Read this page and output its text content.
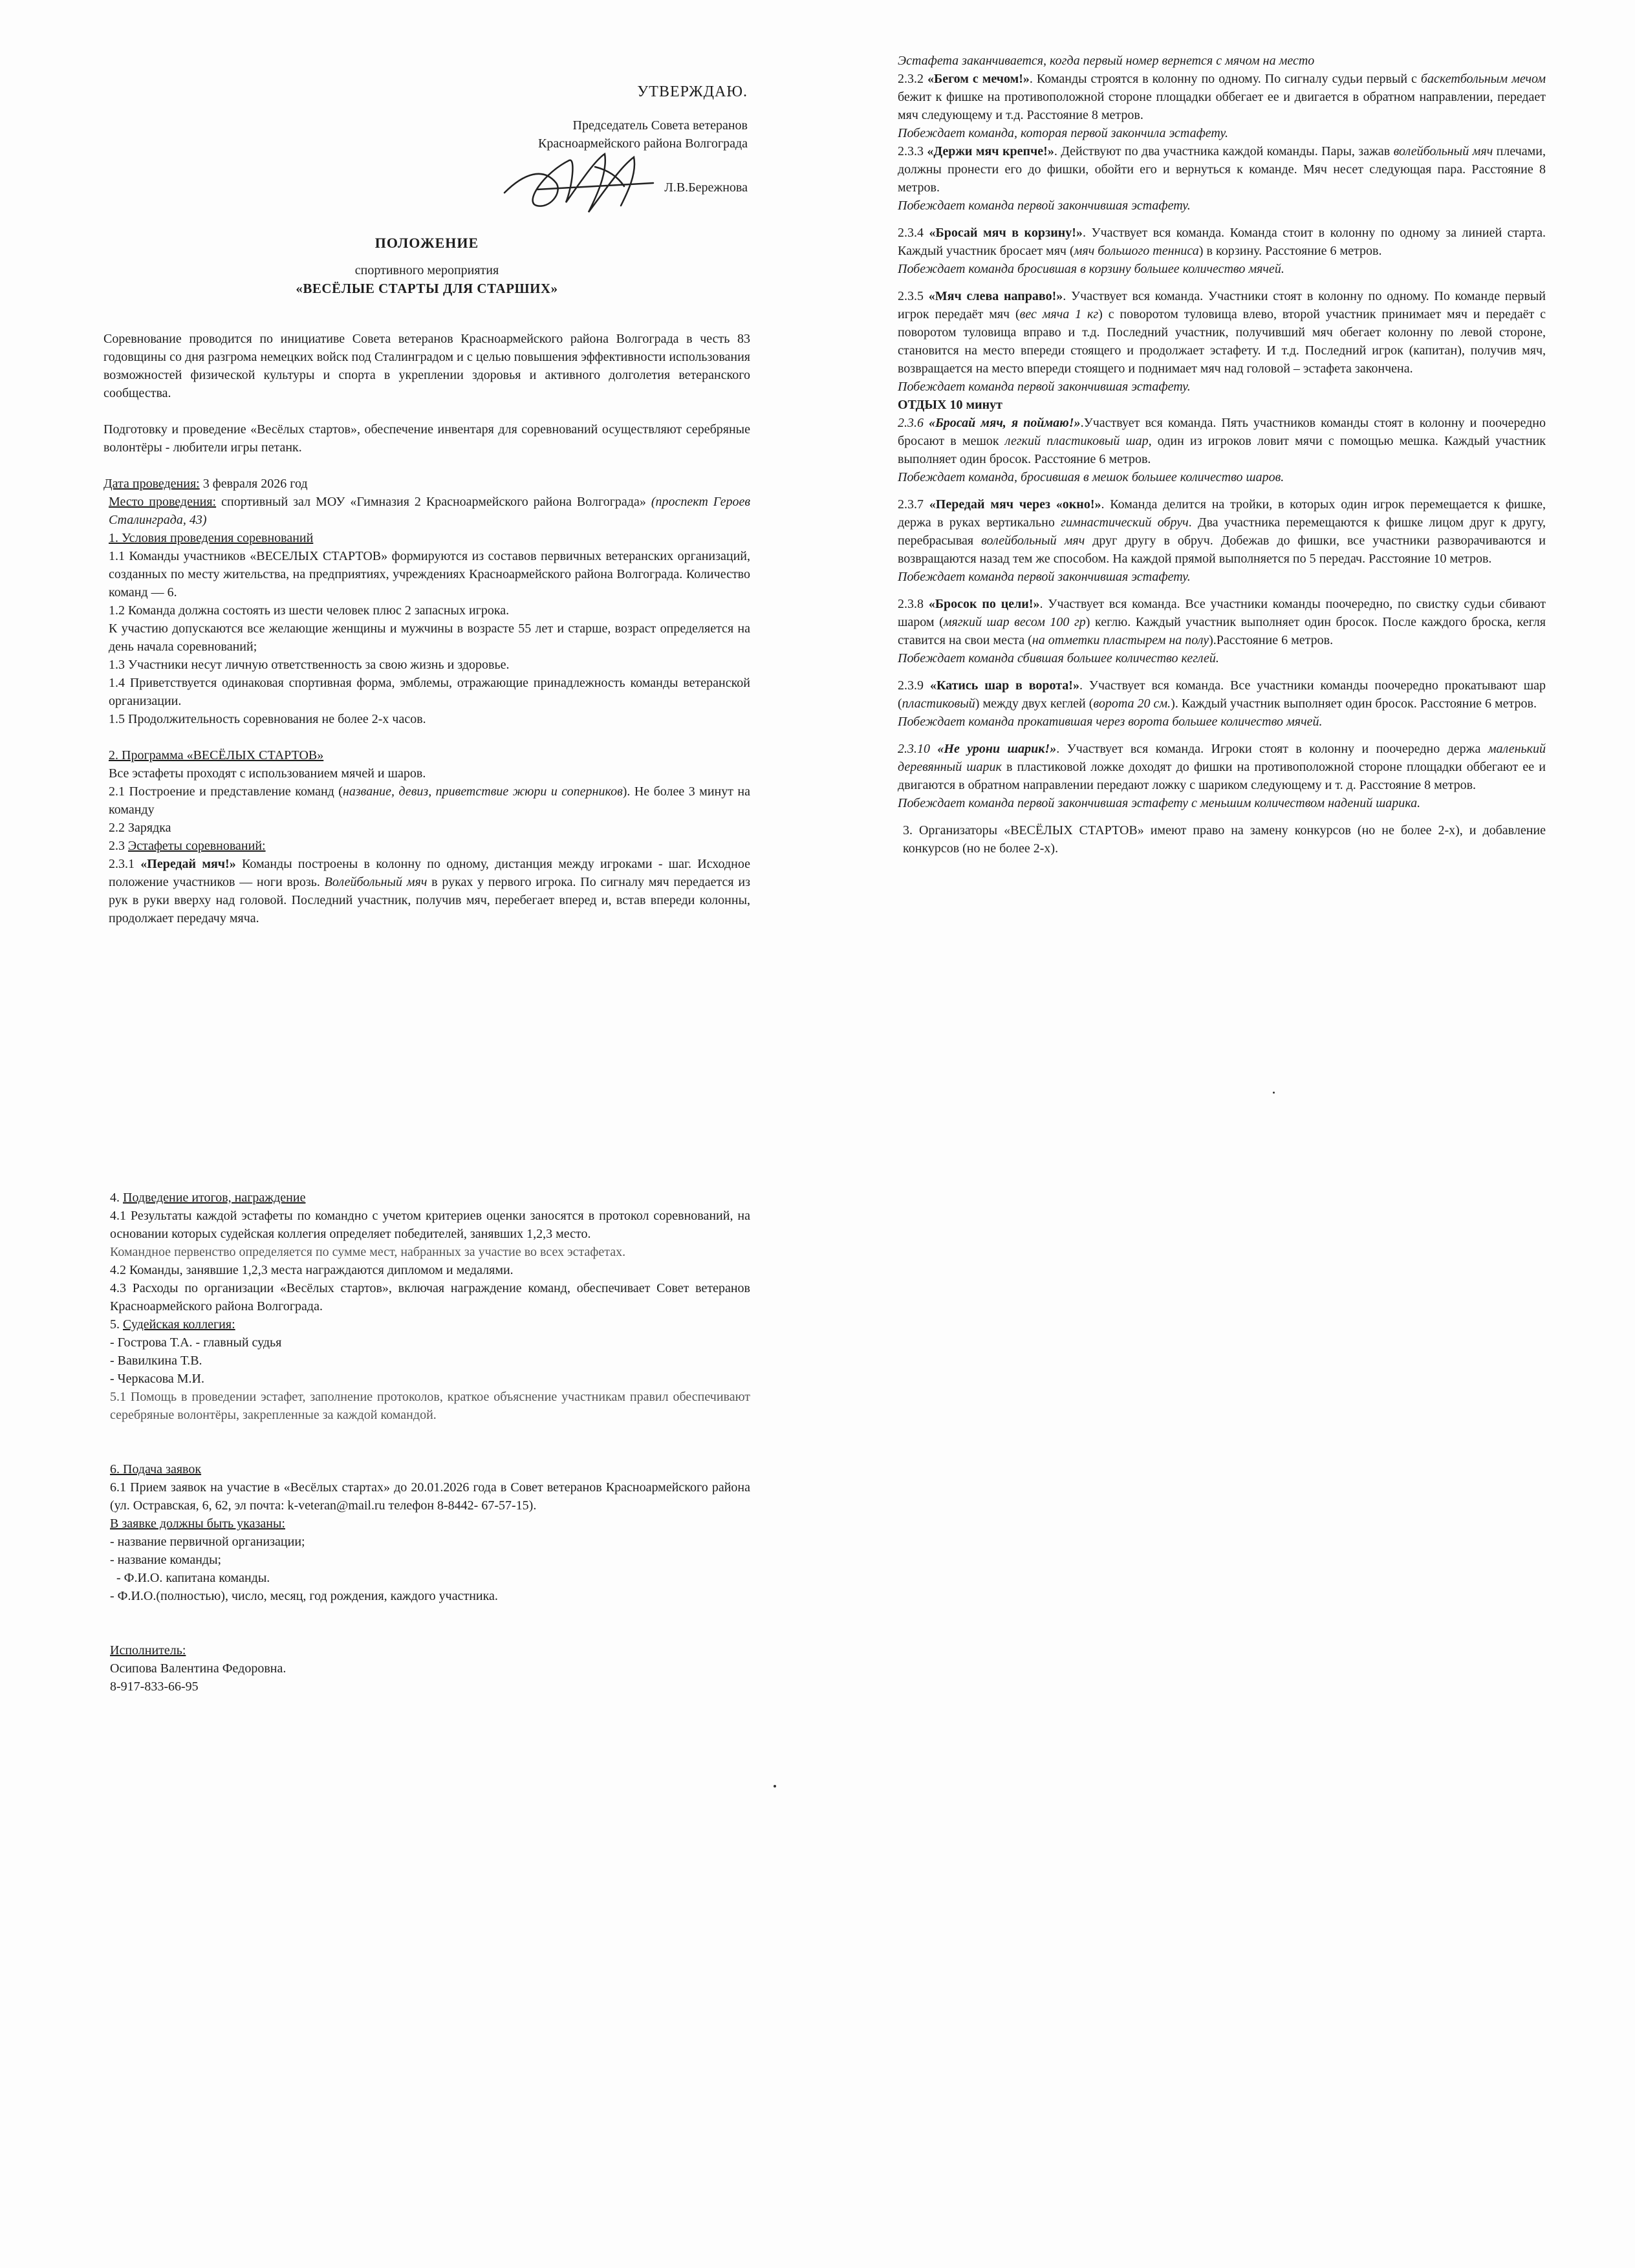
УТВЕРЖДАЮ.

Председатель Совета ветеранов

Красноармейского района Волгограда

Л.В.Бережнова

ПОЛОЖЕНИЕ

спортивного мероприятия

«ВЕСЁЛЫЕ СТАРТЫ ДЛЯ СТАРШИХ»

Соревнование проводится по инициативе Совета ветеранов Красноармейского района Волгограда в честь 83 годовщины со дня разгрома немецких войск под Сталинградом и с целью повышения эффективности использования возможностей физической культуры и спорта в укреплении здоровья и активного долголетия ветеранского сообщества.

Подготовку и проведение «Весёлых стартов», обеспечение инвентаря для соревнований осуществляют серебряные волонтёры - любители игры петанк.

Дата проведения: 3 февраля 2026 год

Место проведения: спортивный зал МОУ «Гимназия 2 Красноармейского района Волгограда» (проспект Героев Сталинграда, 43)

1. Условия проведения соревнований

1.1 Команды участников «ВЕСЕЛЫХ СТАРТОВ» формируются из составов первичных ветеранских организаций, созданных по месту жительства, на предприятиях, учреждениях Красноармейского района Волгограда. Количество команд — 6.

1.2 Команда должна состоять из шести человек плюс 2 запасных игрока.

К участию допускаются все желающие женщины и мужчины в возрасте 55 лет и старше, возраст определяется на день начала соревнований;

1.3 Участники несут личную ответственность за свою жизнь и здоровье.

1.4 Приветствуется одинаковая спортивная форма, эмблемы, отражающие принадлежность команды ветеранской организации.

1.5 Продолжительность соревнования не более 2-х часов.

2. Программа «ВЕСЁЛЫХ СТАРТОВ»

Все эстафеты проходят с использованием мячей и шаров.

2.1 Построение и представление команд (название, девиз, приветствие жюри и соперников). Не более 3 минут на команду

2.2 Зарядка

2.3 Эстафеты соревнований:

2.3.1 «Передай мяч!» Команды построены в колонну по одному, дистанция между игроками - шаг. Исходное положение участников — ноги врозь. Волейбольный мяч в руках у первого игрока. По сигналу мяч передается из рук в руки вверху над головой. Последний участник, получив мяч, перебегает вперед и, встав впереди колонны, продолжает передачу мяча.

4. Подведение итогов, награждение

4.1 Результаты каждой эстафеты по командно с учетом критериев оценки заносятся в протокол соревнований, на основании которых судейская коллегия определяет победителей, занявших 1,2,3 место.

Командное первенство определяется по сумме мест, набранных за участие во всех эстафетах.

4.2 Команды, занявшие 1,2,3 места награждаются дипломом и медалями.

4.3 Расходы по организации «Весёлых стартов», включая награждение команд, обеспечивает Совет ветеранов Красноармейского района Волгограда.

5. Судейская коллегия:

- Гострова Т.А. - главный судья

- Вавилкина Т.В.

- Черкасова М.И.

5.1 Помощь в проведении эстафет, заполнение протоколов, краткое объяснение участникам правил обеспечивают серебряные волонтёры, закрепленные за каждой командой.

6. Подача заявок

6.1 Прием заявок на участие в «Весёлых стартах» до 20.01.2026 года в Совет ветеранов Красноармейского района (ул. Остравская, 6, 62, эл почта: k-veteran@mail.ru телефон 8-8442- 67-57-15).

В заявке должны быть указаны:

- название первичной организации;

- название команды;

- Ф.И.О. капитана команды.

- Ф.И.О.(полностью), число, месяц, год рождения, каждого участника.

Исполнитель:

Осипова Валентина Федоровна.

8-917-833-66-95

Эстафета заканчивается, когда первый номер вернется с мячом на место

2.3.2 «Бегом с мечом!». Команды строятся в колонну по одному. По сигналу судьи первый с баскетбольным мечом бежит к фишке на противоположной стороне площадки оббегает ее и двигается в обратном направлении, передает мяч следующему и т.д. Расстояние 8 метров.

Побеждает команда, которая первой закончила эстафету.

2.3.3 «Держи мяч крепче!». Действуют по два участника каждой команды. Пары, зажав волейбольный мяч плечами, должны пронести его до фишки, обойти его и вернуться к команде. Мяч несет следующая пара. Расстояние 8 метров.

Побеждает команда первой закончившая эстафету.

2.3.4 «Бросай мяч в корзину!». Участвует вся команда. Команда стоит в колонну по одному за линией старта. Каждый участник бросает мяч (мяч большого тенниса) в корзину. Расстояние 6 метров.

Побеждает команда бросившая в корзину большее количество мячей.

2.3.5 «Мяч слева направо!». Участвует вся команда. Участники стоят в колонну по одному. По команде первый игрок передаёт мяч (вес мяча 1 кг) с поворотом туловища влево, второй участник принимает мяч и передаёт с поворотом туловища вправо и т.д. Последний участник, получивший мяч обегает колонну по левой стороне, становится на место впереди стоящего и продолжает эстафету. И т.д. Последний игрок (капитан), получив мяч, возвращается на место впереди стоящего и поднимает мяч над головой – эстафета закончена.

Побеждает команда первой закончившая эстафету.

ОТДЫХ 10 минут

2.3.6 «Бросай мяч, я поймаю!».Участвует вся команда. Пять участников команды стоят в колонну и поочередно бросают в мешок легкий пластиковый шар, один из игроков ловит мячи с помощью мешка. Каждый участник выполняет один бросок. Расстояние 6 метров.

Побеждает команда, бросившая в мешок большее количество шаров.

2.3.7 «Передай мяч через «окно!». Команда делится на тройки, в которых один игрок перемещается к фишке, держа в руках вертикально гимнастический обруч. Два участника перемещаются к фишке лицом друг к другу, перебрасывая волейбольный мяч друг другу в обруч. Добежав до фишки, все участники разворачиваются и возвращаются назад тем же способом. На каждой прямой выполняется по 5 передач. Расстояние 10 метров.

Побеждает команда первой закончившая эстафету.

2.3.8 «Бросок по цели!». Участвует вся команда. Все участники команды поочередно, по свистку судьи сбивают шаром (мягкий шар весом 100 гр) кеглю. Каждый участник выполняет один бросок. После каждого броска, кегля ставится на свои места (на отметки пластырем на полу).Расстояние 6 метров.

Побеждает команда сбившая большее количество кеглей.

2.3.9 «Катись шар в ворота!». Участвует вся команда. Все участники команды поочередно прокатывают шар (пластиковый) между двух кеглей (ворота 20 см.). Каждый участник выполняет один бросок. Расстояние 6 метров.

Побеждает команда прокатившая через ворота большее количество мячей.

2.3.10 «Не урони шарик!». Участвует вся команда. Игроки стоят в колонну и поочередно держа маленький деревянный шарик в пластиковой ложке доходят до фишки на противоположной стороне площадки оббегают ее и двигаются в обратном направлении передают ложку с шариком следующему и т. д. Расстояние 8 метров.

Побеждает команда первой закончившая эстафету с меньшим количеством надений шарика.

3. Организаторы «ВЕСЁЛЫХ СТАРТОВ» имеют право на замену конкурсов (но не более 2-х), и добавление конкурсов (но не более 2-х).
